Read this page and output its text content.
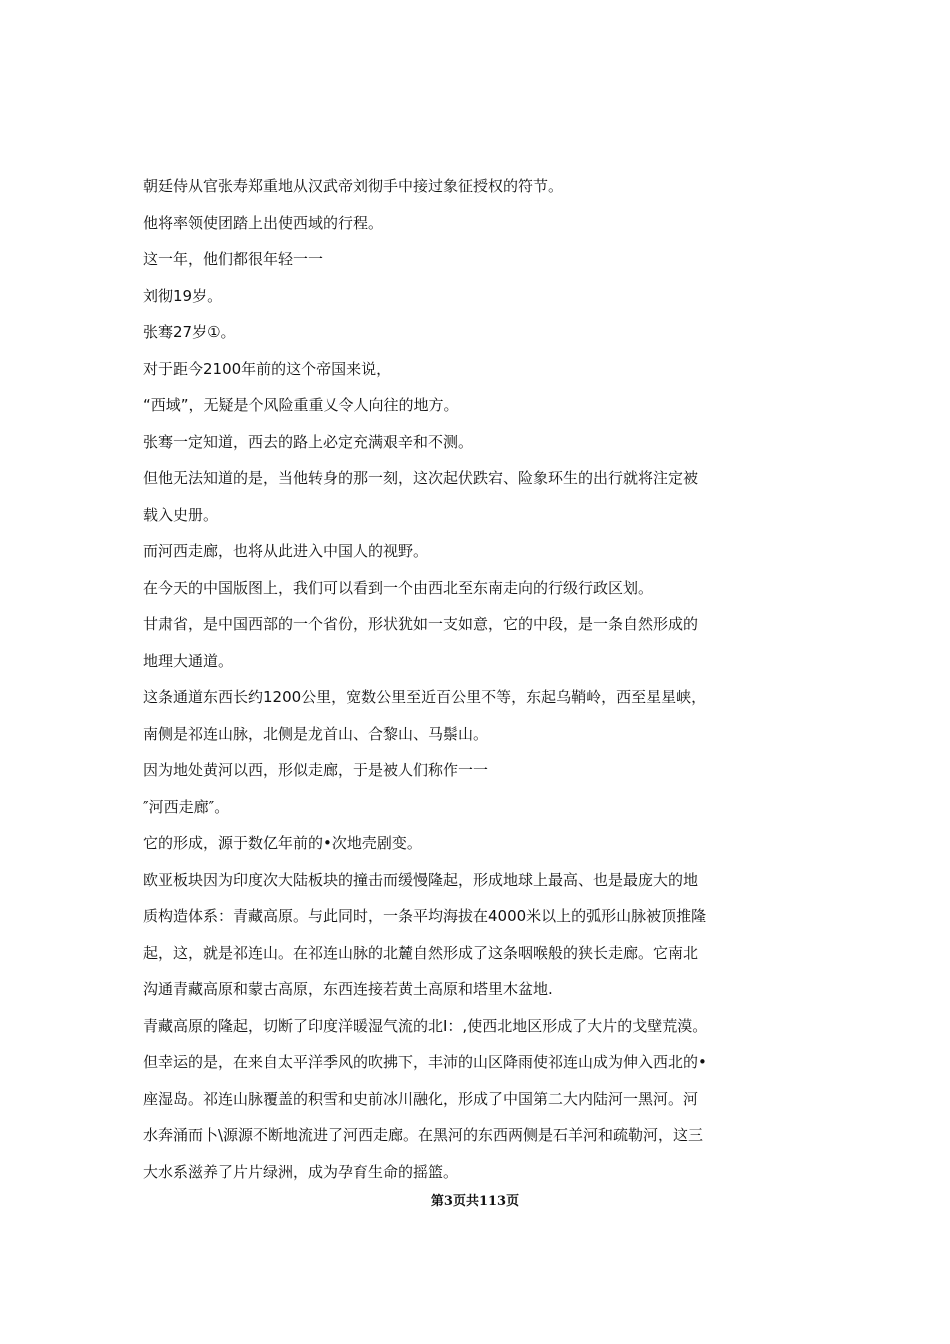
朝廷侍从官张寿郑重地从汉武帝刘彻手中接过象征授权的符节。
他将率领使团踏上出使西域的行程。
这一年，他们都很年轻一一
刘彻19岁。
张骞27岁①。
对于距今2100年前的这个帝国来说，
“西域”，无疑是个风险重重乂令人向往的地方。
张骞一定知道，西去的路上必定充满艰辛和不测。
但他无法知道的是，当他转身的那一刻，这次起伏跌宕、险象环生的出行就将注定被
载入史册。
而河西走廊，也将从此进入中国人的视野。
在今天的中国版图上，我们可以看到一个由西北至东南走向的行级行政区划。
甘肃省，是中国西部的一个省份，形状犹如一支如意，它的中段，是一条自然形成的
地理大通道。
这条通道东西长约1200公里，宽数公里至近百公里不等，东起乌鞘岭，西至星星峡，
南侧是祁连山脉，北侧是龙首山、合黎山、马鬃山。
因为地处黄河以西，形似走廊，于是被人们称作一一
″河西走廊″。
它的形成，源于数亿年前的•次地壳剧变。
欧亚板块因为印度次大陆板块的撞击而缓慢隆起，形成地球上最高、也是最庞大的地
质构造体系：青藏高原。与此同时，一条平均海拔在4000米以上的弧形山脉被顶推隆
起，这，就是祁连山。在祁连山脉的北麓自然形成了这条咽喉般的狭长走廊。它南北
沟通青藏高原和蒙古高原，东西连接若黄土高原和塔里木盆地.
青藏高原的隆起，切断了印度洋暖湿气流的北I：,使西北地区形成了大片的戈壁荒漠。
但幸运的是，在来自太平洋季风的吹拂下，丰沛的山区降雨使祁连山成为伸入西北的•
座湿岛。祁连山脉覆盖的积雪和史前冰川融化，形成了中国第二大内陆河一黑河。河
水奔涌而卜\源源不断地流进了河西走廊。在黑河的东西两侧是石羊河和疏勒河，这三
大水系滋养了片片绿洲，成为孕育生命的摇篮。
第3页共113页
